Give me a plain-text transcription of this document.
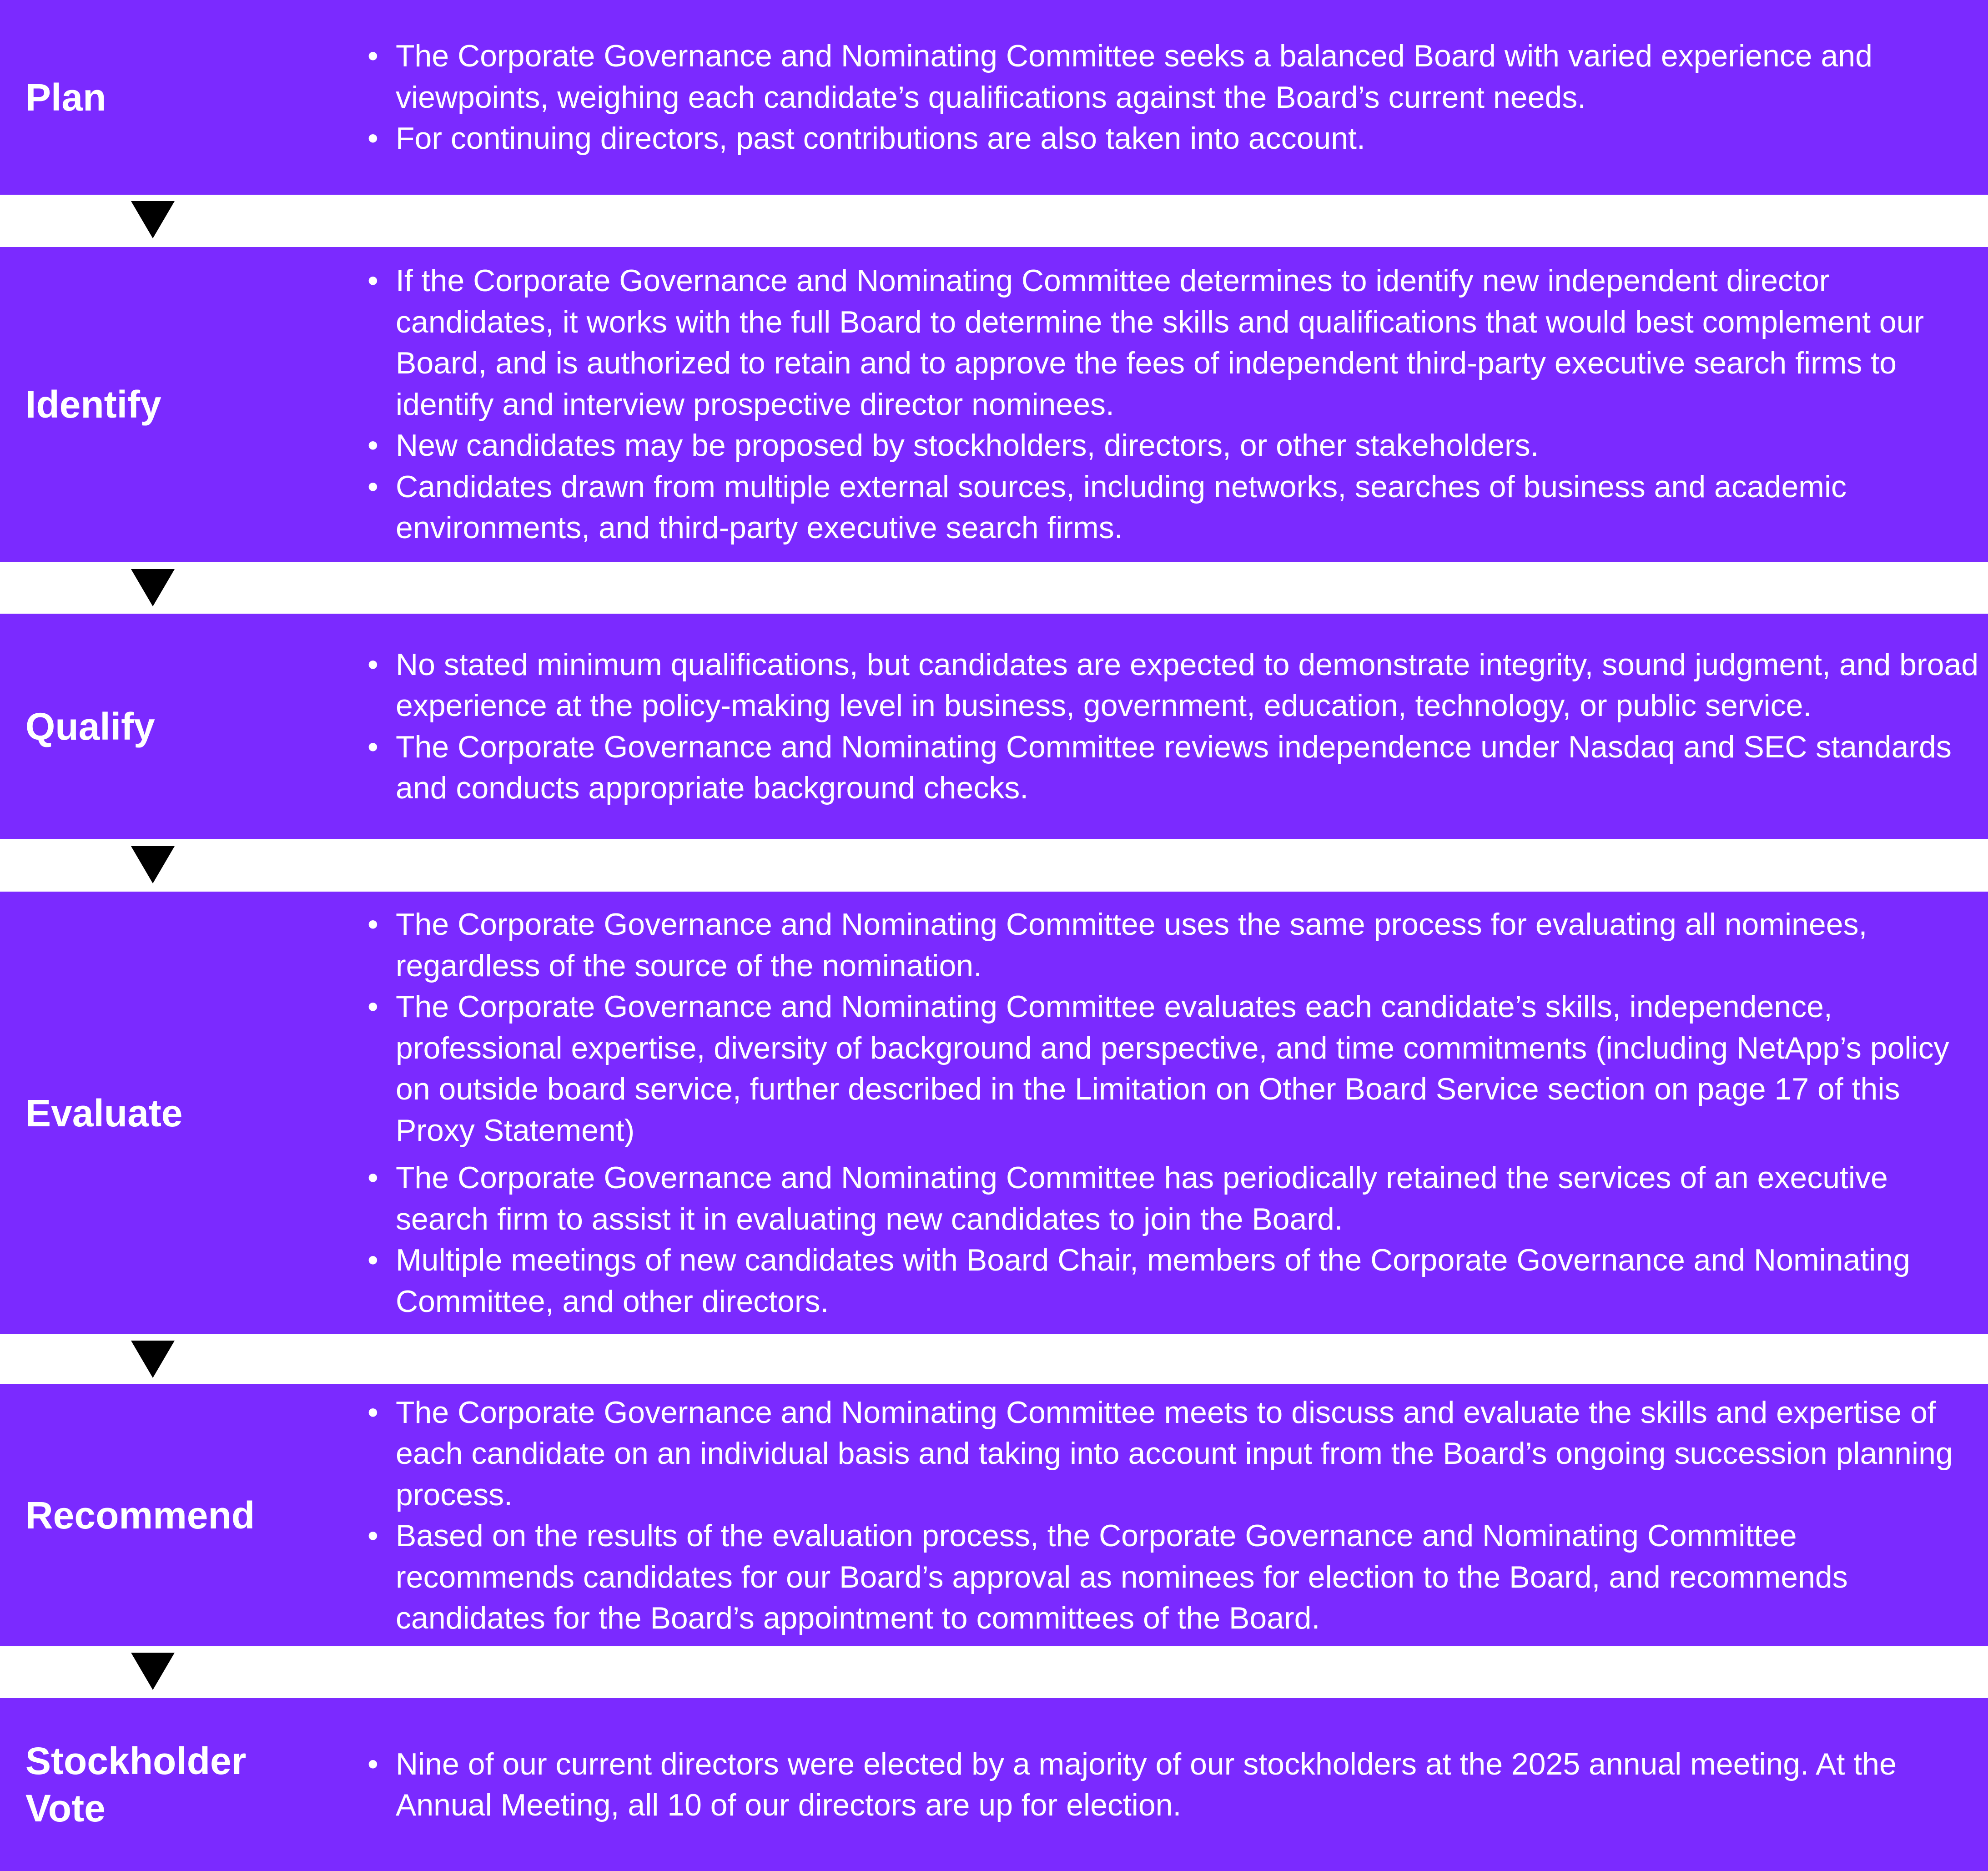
Plan
• The Corporate Governance and Nominating Committee seeks a balanced Board with varied experience and viewpoints, weighing each candidate’s qualifications against the Board’s current needs.
• For continuing directors, past contributions are also taken into account.
Identify
• If the Corporate Governance and Nominating Committee determines to identify new independent director candidates, it works with the full Board to determine the skills and qualifications that would best complement our Board, and is authorized to retain and to approve the fees of independent third-party executive search firms to identify and interview prospective director nominees.
• New candidates may be proposed by stockholders, directors, or other stakeholders.
• Candidates drawn from multiple external sources, including networks, searches of business and academic environments, and third-party executive search firms.
Qualify
• No stated minimum qualifications, but candidates are expected to demonstrate integrity, sound judgment, and broad experience at the policy-making level in business, government, education, technology, or public service.
• The Corporate Governance and Nominating Committee reviews independence under Nasdaq and SEC standards and conducts appropriate background checks.
Evaluate
• The Corporate Governance and Nominating Committee uses the same process for evaluating all nominees, regardless of the source of the nomination.
• The Corporate Governance and Nominating Committee evaluates each candidate’s skills, independence, professional expertise, diversity of background and perspective, and time commitments (including NetApp’s policy on outside board service, further described in the Limitation on Other Board Service section on page 17 of this Proxy Statement)
• The Corporate Governance and Nominating Committee has periodically retained the services of an executive search firm to assist it in evaluating new candidates to join the Board.
• Multiple meetings of new candidates with Board Chair, members of the Corporate Governance and Nominating Committee, and other directors.
Recommend
• The Corporate Governance and Nominating Committee meets to discuss and evaluate the skills and expertise of each candidate on an individual basis and taking into account input from the Board’s ongoing succession planning process.
• Based on the results of the evaluation process, the Corporate Governance and Nominating Committee recommends candidates for our Board’s approval as nominees for election to the Board, and recommends candidates for the Board’s appointment to committees of the Board.
Stockholder
Vote
• Nine of our current directors were elected by a majority of our stockholders at the 2025 annual meeting. At the Annual Meeting, all 10 of our directors are up for election.
